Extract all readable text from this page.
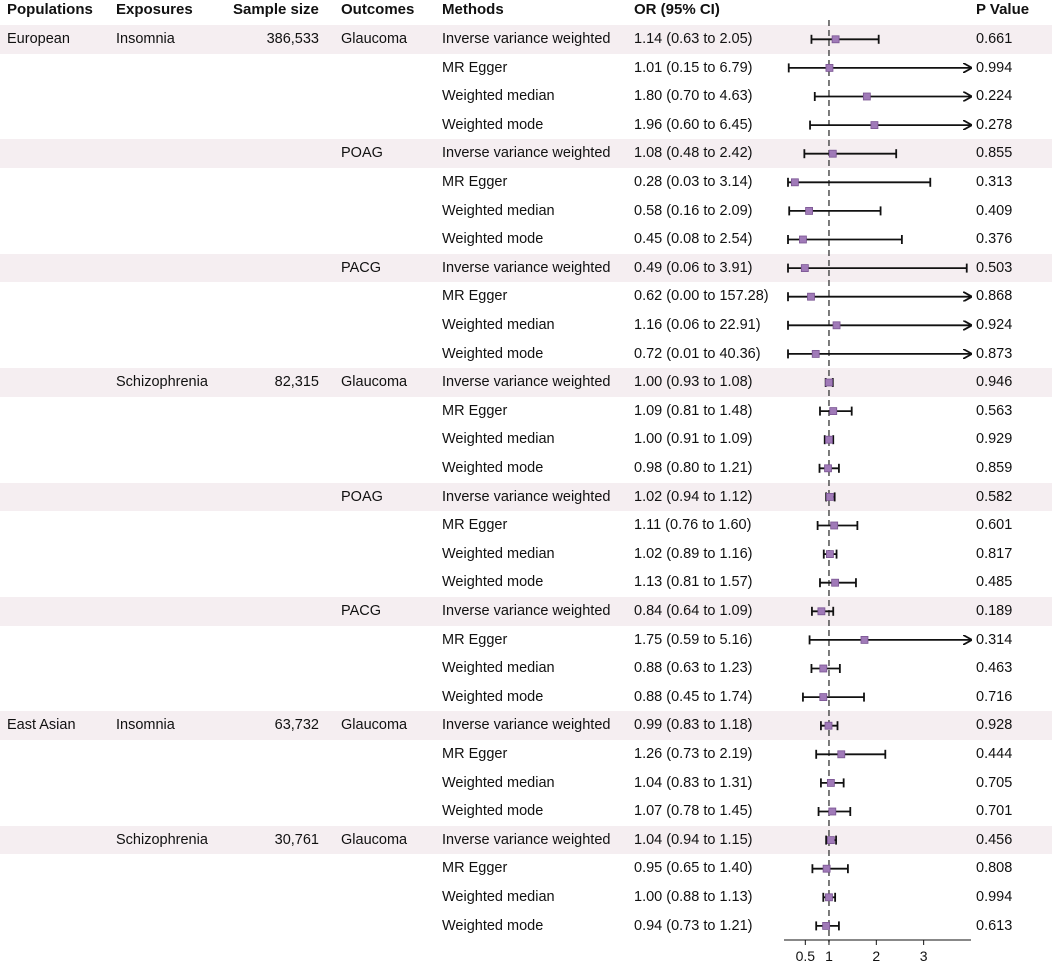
Populations Exposures	Sample size Outcomes Methods	OR (95% CI)	P Value
European	Insomnia	386,533 Glaucoma Inverse variance weighted 1.14 (0.63 to 2.05)	0.661
MR Egger	1.01 (0.15 to 6.79)	0.994
Weighted median	1.80 (0.70 to 4.63)	0.224
Weighted mode	1.96 (0.60 to 6.45)	0.278
POAG	Inverse variance weighted 1.08 (0.48 to 2.42)	0.855
MR Egger	0.28 (0.03 to 3.14)	0.313
Weighted median	0.58 (0.16 to 2.09)	0.409
Weighted mode	0.45 (0.08 to 2.54)	0.376
PACG	Inverse variance weighted 0.49 (0.06 to 3.91)	0.503
MR Egger	0.62 (0.00 to 157.28)	0.868
Weighted median	1.16 (0.06 to 22.91)	0.924
Weighted mode	0.72 (0.01 to 40.36)	0.873
Schizophrenia	82,315 Glaucoma Inverse variance weighted 1.00 (0.93 to 1.08)	0.946
MR Egger	1.09 (0.81 to 1.48)	0.563
Weighted median	1.00 (0.91 to 1.09)	0.929
Weighted mode	0.98 (0.80 to 1.21)	0.859
POAG	Inverse variance weighted 1.02 (0.94 to 1.12)	0.582
MR Egger	1.11 (0.76 to 1.60)	0.601
Weighted median	1.02 (0.89 to 1.16)	0.817
Weighted mode	1.13 (0.81 to 1.57)	0.485
PACG	Inverse variance weighted 0.84 (0.64 to 1.09)	0.189
MR Egger	1.75 (0.59 to 5.16)	0.314
Weighted median	0.88 (0.63 to 1.23)	0.463
Weighted mode	0.88 (0.45 to 1.74)	0.716
East Asian	Insomnia	63,732 Glaucoma Inverse variance weighted 0.99 (0.83 to 1.18)	0.928
MR Egger	1.26 (0.73 to 2.19)	0.444
Weighted median	1.04 (0.83 to 1.31)	0.705
Weighted mode	1.07 (0.78 to 1.45)	0.701
Schizophrenia	30,761 Glaucoma Inverse variance weighted 1.04 (0.94 to 1.15)	0.456
MR Egger	0.95 (0.65 to 1.40)	0.808
Weighted median	1.00 (0.88 to 1.13)	0.994
Weighted mode	0.94 (0.73 to 1.21)	0.613
0.5 1	2	3
